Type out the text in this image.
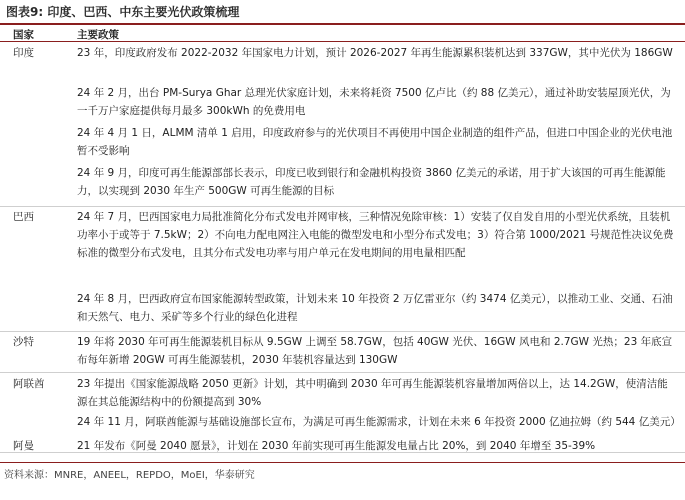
图表9: 印度、巴西、中东主要光伏政策梳理
国家	主要政策
印度	23 年，印度政府发布 2022-2032 年国家电力计划，预计 2026-2027 年再生能源累积装机达到 337GW，其中光伏为 186GW
24 年 2 月，出台 PM-Surya Ghar 总理光伏家庭计划，未来将耗资 7500 亿卢比（约 88 亿美元），通过补助安装屋顶光伏，为一千万户家庭提供每月最多 300kWh 的免费用电
24 年 4 月 1 日，ALMM 清单 1 启用，印度政府参与的光伏项目不再使用中国企业制造的组件产品，但进口中国企业的光伏电池暂不受影响
24 年 9 月，印度可再生能源部部长表示，印度已收到银行和金融机构投资 3860 亿美元的承诺，用于扩大该国的可再生能源能力，以实现到 2030 年生产 500GW 可再生能源的目标
巴西	24 年 7 月，巴西国家电力局批准简化分布式发电并网审核，三种情况免除审核：1）安装了仅自发自用的小型光伏系统，且装机功率小于或等于 7.5kW；2）不向电力配电网注入电能的微型发电和小型分布式发电；3）符合第 1000/2021 号规范性决议免费标准的微型分布式发电，且其分布式发电功率与用户单元在发电期间的用电量相匹配
24 年 8 月，巴西政府宣布国家能源转型政策，计划未来 10 年投资 2 万亿雷亚尔（约 3474 亿美元），以推动工业、交通、石油和天然气、电力、采矿等多个行业的绿色化进程
沙特	19 年将 2030 年可再生能源装机目标从 9.5GW 上调至 58.7GW，包括 40GW 光伏、16GW 风电和 2.7GW 光热；23 年底宣布每年新增 20GW 可再生能源装机，2030 年装机容量达到 130GW
阿联酋	23 年提出《国家能源战略 2050 更新》计划，其中明确到 2030 年可再生能源装机容量增加两倍以上，达 14.2GW，使清洁能源在其总能源结构中的份额提高到 30%
24 年 11 月，阿联酋能源与基础设施部长宣布，为满足可再生能源需求，计划在未来 6 年投资 2000 亿迪拉姆（约 544 亿美元）
阿曼	21 年发布《阿曼 2040 愿景》，计划在 2030 年前实现可再生能源发电量占比 20%，到 2040 年增至 35-39%
资料来源：MNRE，ANEEL，REPDO，MoEI，华泰研究
